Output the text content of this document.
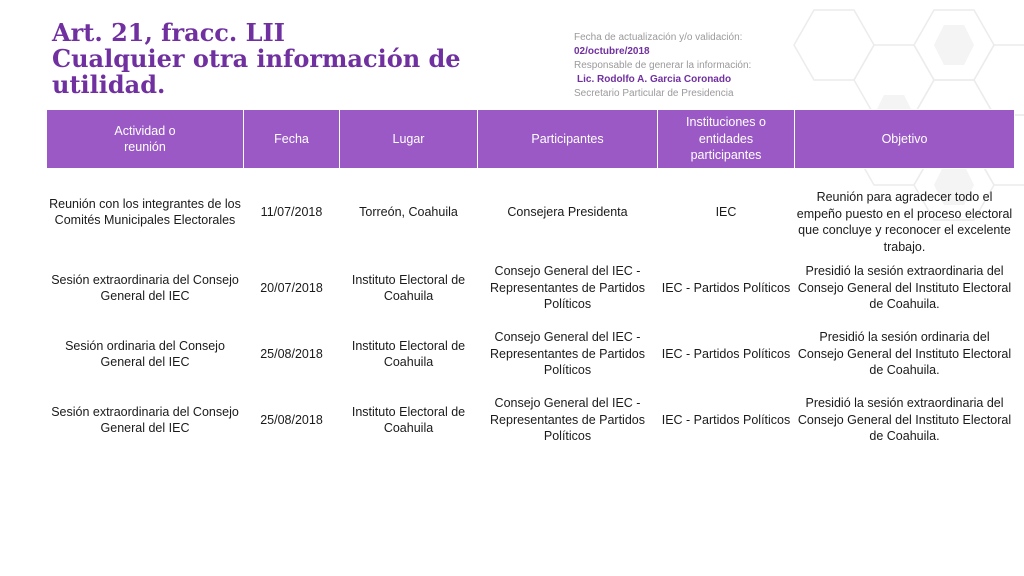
Art. 21, fracc. LII
Cualquier otra información de
utilidad.
Fecha de actualización y/o validación:
02/octubre/2018
Responsable de generar la información:
Lic. Rodolfo A. Garcia Coronado
Secretario Particular de Presidencia
Actividad o
reunión	Fecha	Lugar	Participantes	Instituciones o entidades participantes	Objetivo
Reunión con los integrantes de los Comités Municipales Electorales	11/07/2018	Torreón, Coahuila	Consejera Presidenta	IEC	Reunión para agradecer todo el empeño puesto en el proceso electoral que concluye y reconocer el excelente trabajo.
Sesión extraordinaria del Consejo General del IEC	20/07/2018	Instituto Electoral de Coahuila	Consejo General del IEC - Representantes de Partidos Políticos	IEC - Partidos Políticos	Presidió la sesión extraordinaria del Consejo General del Instituto Electoral de Coahuila.
Sesión ordinaria del Consejo General del IEC	25/08/2018	Instituto Electoral de Coahuila	Consejo General del IEC - Representantes de Partidos Políticos	IEC - Partidos Políticos	Presidió la sesión ordinaria del Consejo General del Instituto Electoral de Coahuila.
Sesión extraordinaria del Consejo General del IEC	25/08/2018	Instituto Electoral de Coahuila	Consejo General del IEC - Representantes de Partidos Políticos	IEC - Partidos Políticos	Presidió la sesión extraordinaria del Consejo General del Instituto Electoral de Coahuila.
